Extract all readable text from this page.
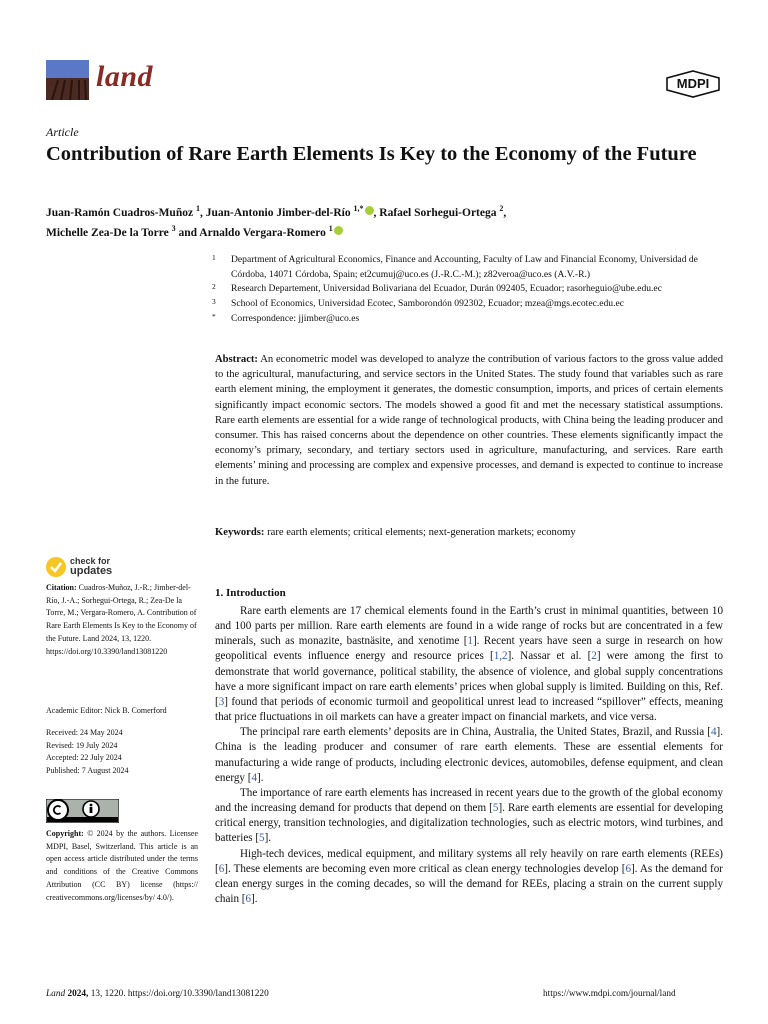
land	MDPI
Article
Contribution of Rare Earth Elements Is Key to the Economy of the Future
Juan-Ramón Cuadros-Muñoz $^1$, Juan-Antonio Jimber-del-Río $^{1,*}$ , Rafael Sorhegui-Ortega $^2$,
Michelle Zea-De la Torre $^3$ and Arnaldo Vergara-Romero $^1$
1 Department of Agricultural Economics, Finance and Accounting, Faculty of Law and Financial Economy, Universidad de Córdoba, 14071 Córdoba, Spain; et2cumuj@uco.es (J.-R.C.-M.); z82veroa@uco.es (A.V.-R.)
2 Research Departement, Universidad Bolivariana del Ecuador, Durán 092405, Ecuador; rasorheguio@ube.edu.ec
3 School of Economics, Universidad Ecotec, Samborondón 092302, Ecuador; mzea@mgs.ecotec.edu.ec
* Correspondence: jjimber@uco.es
Abstract: An econometric model was developed to analyze the contribution of various factors to the gross value added to the agricultural, manufacturing, and service sectors in the United States. The study found that variables such as rare earth element mining, the employment it generates, the domestic consumption, imports, and prices of certain elements significantly impact economic sectors. The models showed a good fit and met the necessary statistical assumptions. Rare earth elements are essential for a wide range of technological products, with China being the leading producer and consumer. This has raised concerns about the dependence on other countries. These elements significantly impact the economy’s primary, secondary, and tertiary sectors used in agriculture, manufacturing, and services. Rare earth elements’ mining and processing are complex and expensive processes, and demand is expected to continue to increase in the future.
Keywords: rare earth elements; critical elements; next-generation markets; economy
check for
updates
Citation: Cuadros-Muñoz, J.-R.; Jimber-del-Río, J.-A.; Sorhegui-Ortega, R.; Zea-De la Torre, M.; Vergara-Romero, A. Contribution of Rare Earth Elements Is Key to the Economy of the Future. Land 2024, 13, 1220. https://doi.org/10.3390/land13081220
Academic Editor: Nick B. Comerford
Received: 24 May 2024
Revised: 19 July 2024
Accepted: 22 July 2024
Published: 7 August 2024
Copyright: © 2024 by the authors. Licensee MDPI, Basel, Switzerland. This article is an open access article distributed under the terms and conditions of the Creative Commons Attribution (CC BY) license (https:// creativecommons.org/licenses/by/ 4.0/).
1. Introduction

Rare earth elements are 17 chemical elements found in the Earth’s crust in minimal quantities, between 10 and 100 parts per million. Rare earth elements are found in a wide range of rocks but are concentrated in a few minerals, such as monazite, bastnäsite, and xenotime [1]. Recent years have seen a surge in research on how geopolitical events influence energy and resource prices [1,2]. Nassar et al. [2] were among the first to demonstrate that world governance, political stability, the absence of violence, and global supply concentrations have a more significant impact on rare earth elements’ prices when global supply is limited. Building on this, Ref. [3] found that periods of economic turmoil and geopolitical unrest lead to increased “spillover” effects, meaning that price fluctuations in oil markets can have a greater impact on financial markets, and vice versa.

The principal rare earth elements’ deposits are in China, Australia, the United States, Brazil, and Russia [4]. China is the leading producer and consumer of rare earth elements. These are essential elements for manufacturing a wide range of products, including electronic devices, automobiles, defense equipment, and clean energy [4].

The importance of rare earth elements has increased in recent years due to the growth of the global economy and the increasing demand for products that depend on them [5]. Rare earth elements are essential for developing critical energy, transition technologies, and digitalization technologies, such as electric motors, wind turbines, and batteries [5].

High-tech devices, medical equipment, and military systems all rely heavily on rare earth elements (REEs) [6]. These elements are becoming even more critical as clean energy technologies develop [6]. As the demand for clean energy surges in the coming decades, so will the demand for REEs, placing a strain on the current supply chain [6].

Land 2024, 13, 1220. https://doi.org/10.3390/land13081220	https://www.mdpi.com/journal/land
